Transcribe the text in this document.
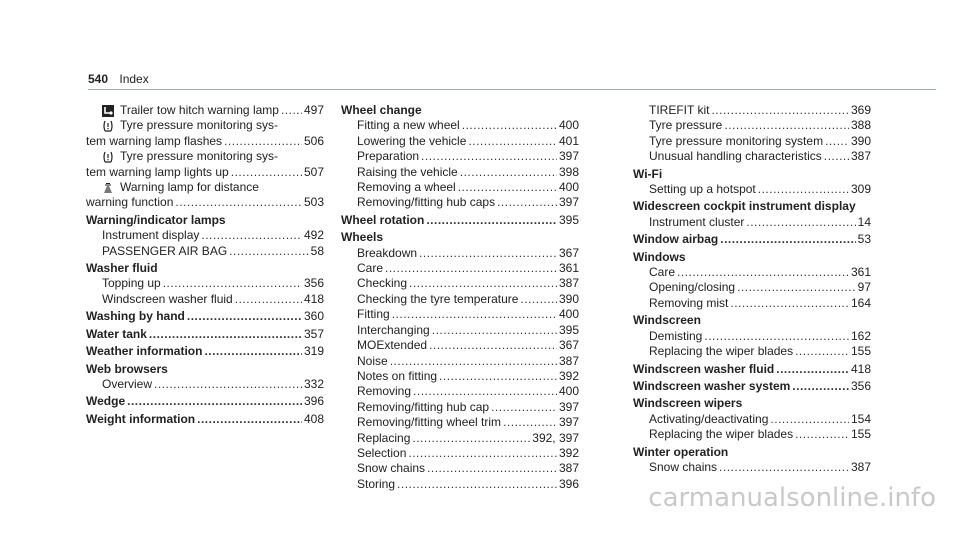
540 Index
Trailer tow hitch warning lamp ..... 497
Tyre pressure monitoring sys-
tem warning lamp flashes .....	506
Tyre pressure monitoring sys-
tem warning lamp lights up .....	507
Warning lamp for distance
warning function .....	503
Warning/indicator lamps
Instrument display .....	492
PASSENGER AIR BAG .....	58
Washer fluid
Topping up .....	356
Windscreen washer fluid .....	418
Washing by hand .....	360
Water tank .....	357
Weather information .....	319
Web browsers
Overview .....	332
Wedge .....	396
Weight information .....	408
Wheel change
Fitting a new wheel .....	400
Lowering the vehicle .....	401
Preparation .....	397
Raising the vehicle .....	398
Removing a wheel .....	400
Removing/fitting hub caps .....	397
Wheel rotation .....	395
Wheels
Breakdown .....	367
Care .....	361
Checking .....	387
Checking the tyre temperature .....	390
Fitting .....	400
Interchanging .....	395
MOExtended .....	367
Noise .....	387
Notes on fitting .....	392
Removing .....	400
Removing/fitting hub cap .....	397
Removing/fitting wheel trim .....	397
Replacing .....	392, 397
Selection .....	392
Snow chains .....	387
Storing .....	396
TIREFIT kit .....	369
Tyre pressure .....	388
Tyre pressure monitoring system ..... 390
Unusual handling characteristics ..... 387
Wi-Fi
Setting up a hotspot .....	309
Widescreen cockpit instrument display
Instrument cluster .....	14
Window airbag .....	53
Windows
Care .....	361
Opening/closing .....	97
Removing mist .....	164
Windscreen
Demisting .....	162
Replacing the wiper blades .....	155
Windscreen washer fluid .....	418
Windscreen washer system .....	356
Windscreen wipers
Activating/deactivating .....	154
Replacing the wiper blades .....	155
Winter operation
Snow chains .....	387
carmanualsonline.info
